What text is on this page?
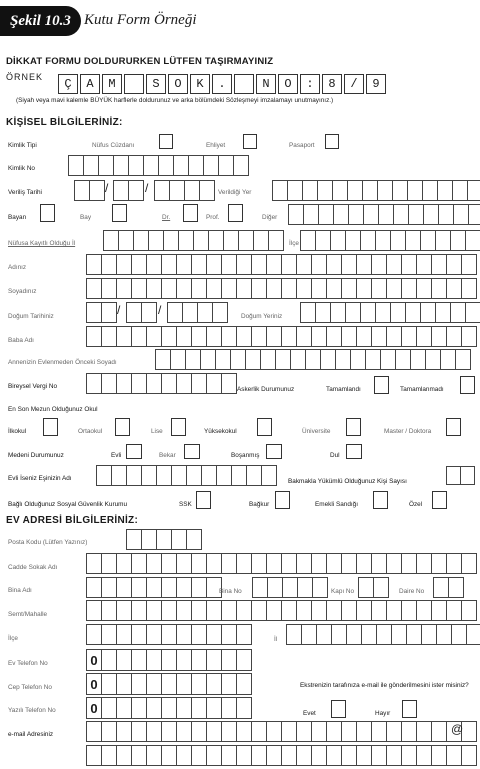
Şekil 10.3 Kutu Form Örneği
DİKKAT FORMU DOLDURURKEN LÜTFEN TAŞIRMAYINIZ
ÖRNEK	Ç	A	M	S	O	K	.	N	O	:	8	/	9
(Siyah veya mavi kalemle BÜYÜK harflerle doldurunuz ve arka bölümdeki Sözleşmeyi imzalamayı unutmayınız.)
KİŞİSEL BİLGİLERİNİZ:
Kimlik Tipi	Nüfus Cüzdanı	Ehliyet	Pasaport
Kimlik No
Veriliş Tarihi	/	/	Verildiği Yer
Bayan	Bay	Dr.	Prof.	Diğer
Nüfusa Kayıtlı Olduğu İl	İlçe
Adınız
Soyadınız
Doğum Tarihiniz	/	/	Doğum Yeriniz
Baba Adı
Annenizin Evlenmeden Önceki Soyadı
Bireysel Vergi No	Askerlik Durumunuz	Tamamlandı	Tamamlanmadı
En Son Mezun Olduğunuz Okul
İlkokul	Ortaokul	Lise	Yüksekokul	Üniversite	Master / Doktora
Medeni Durumunuz	Evli	Bekar	Boşanmış	Dul
Evli İseniz Eşinizin Adı	Bakmakla Yükümlü Olduğunuz Kişi Sayısı
Bağlı Olduğunuz Sosyal Güvenlik Kurumu	SSK	Bağkur	Emekli Sandığı	Özel
EV ADRESİ BİLGİLERİNİZ:
Posta Kodu (Lütfen Yazınız)
Cadde Sokak Adı
Bina Adı	Bina No	Kapı No	Daire No
Semt/Mahalle
İlçe	İl
Ev Telefon No	0
Cep Telefon No	0	Ekstrenizin tarafınıza e-mail ile gönderilmesini ister misiniz?
Yazılı Telefon No	0	Evet	Hayır
e-mail Adresiniz	@
